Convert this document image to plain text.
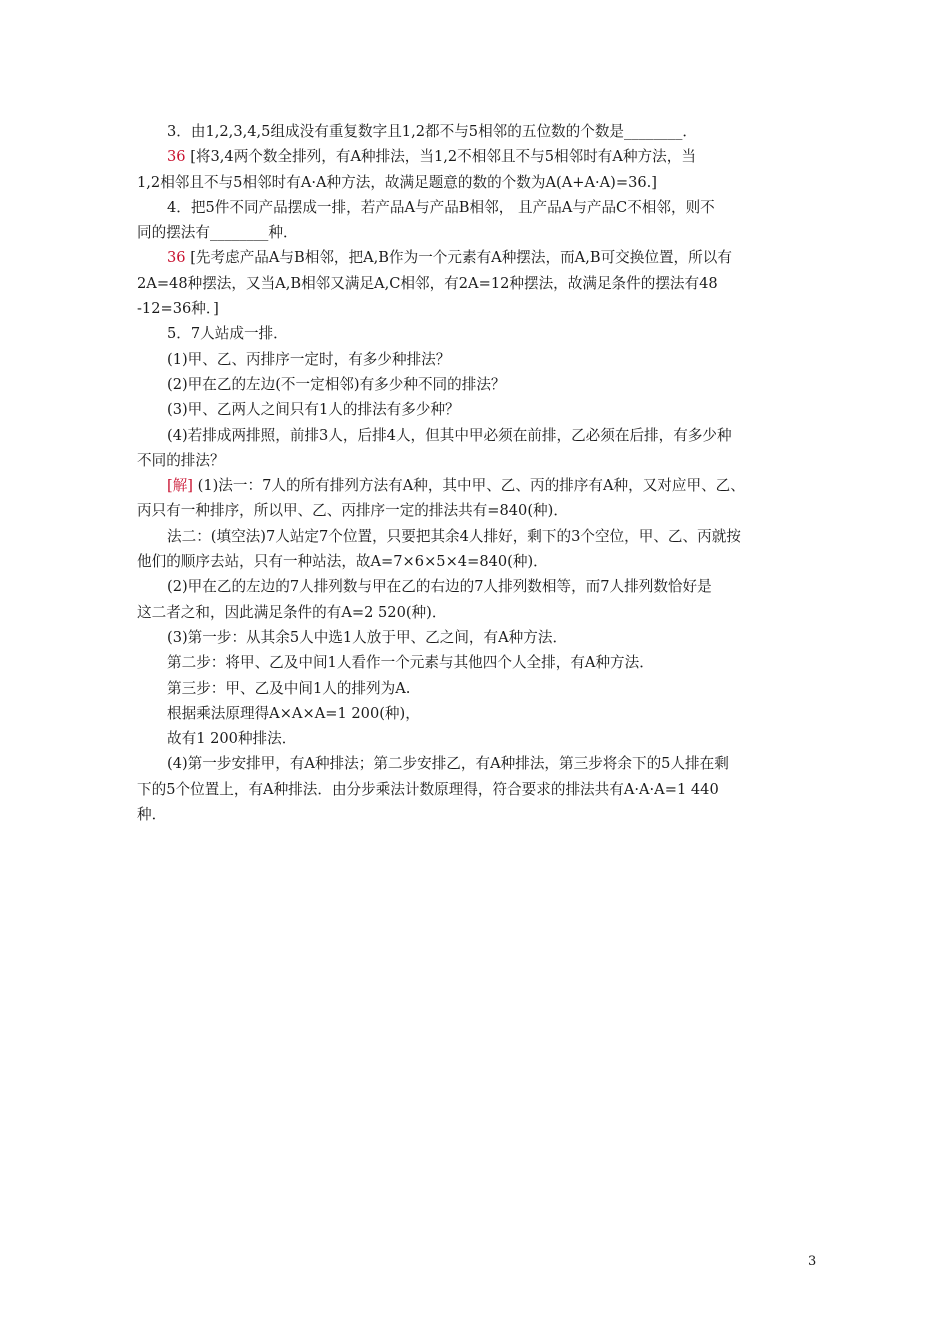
3．由1,2,3,4,5组成没有重复数字且1,2都不与5相邻的五位数的个数是________．
36 [将3,4两个数全排列，有A种排法，当1,2不相邻且不与5相邻时有A种方法，当
1,2相邻且不与5相邻时有A·A种方法，故满足题意的数的个数为A(A+A·A)=36.]
4．把5件不同产品摆成一排，若产品A与产品B相邻， 且产品A与产品C不相邻，则不
同的摆法有________种．
36 [先考虑产品A与B相邻，把A,B作为一个元素有A种摆法，而A,B可交换位置，所以有
2A=48种摆法，又当A,B相邻又满足A,C相邻，有2A=12种摆法，故满足条件的摆法有48
-12=36种．]
5．7人站成一排．
(1)甲、乙、丙排序一定时，有多少种排法？
(2)甲在乙的左边(不一定相邻)有多少种不同的排法？
(3)甲、乙两人之间只有1人的排法有多少种？
(4)若排成两排照，前排3人，后排4人，但其中甲必须在前排，乙必须在后排，有多少种
不同的排法？
[解] (1)法一：7人的所有排列方法有A种，其中甲、乙、丙的排序有A种，又对应甲、乙、
丙只有一种排序，所以甲、乙、丙排序一定的排法共有=840(种)．
法二：(填空法)7人站定7个位置，只要把其余4人排好，剩下的3个空位，甲、乙、丙就按
他们的顺序去站，只有一种站法，故A=7×6×5×4=840(种)．
(2)甲在乙的左边的7人排列数与甲在乙的右边的7人排列数相等，而7人排列数恰好是
这二者之和，因此满足条件的有A=2 520(种)．
(3)第一步：从其余5人中选1人放于甲、乙之间，有A种方法．
第二步：将甲、乙及中间1人看作一个元素与其他四个人全排，有A种方法．
第三步：甲、乙及中间1人的排列为A.
根据乘法原理得A×A×A=1 200(种)，
故有1 200种排法．
(4)第一步安排甲，有A种排法；第二步安排乙，有A种排法，第三步将余下的5人排在剩
下的5个位置上，有A种排法．由分步乘法计数原理得，符合要求的排法共有A·A·A=1 440
种．
3
